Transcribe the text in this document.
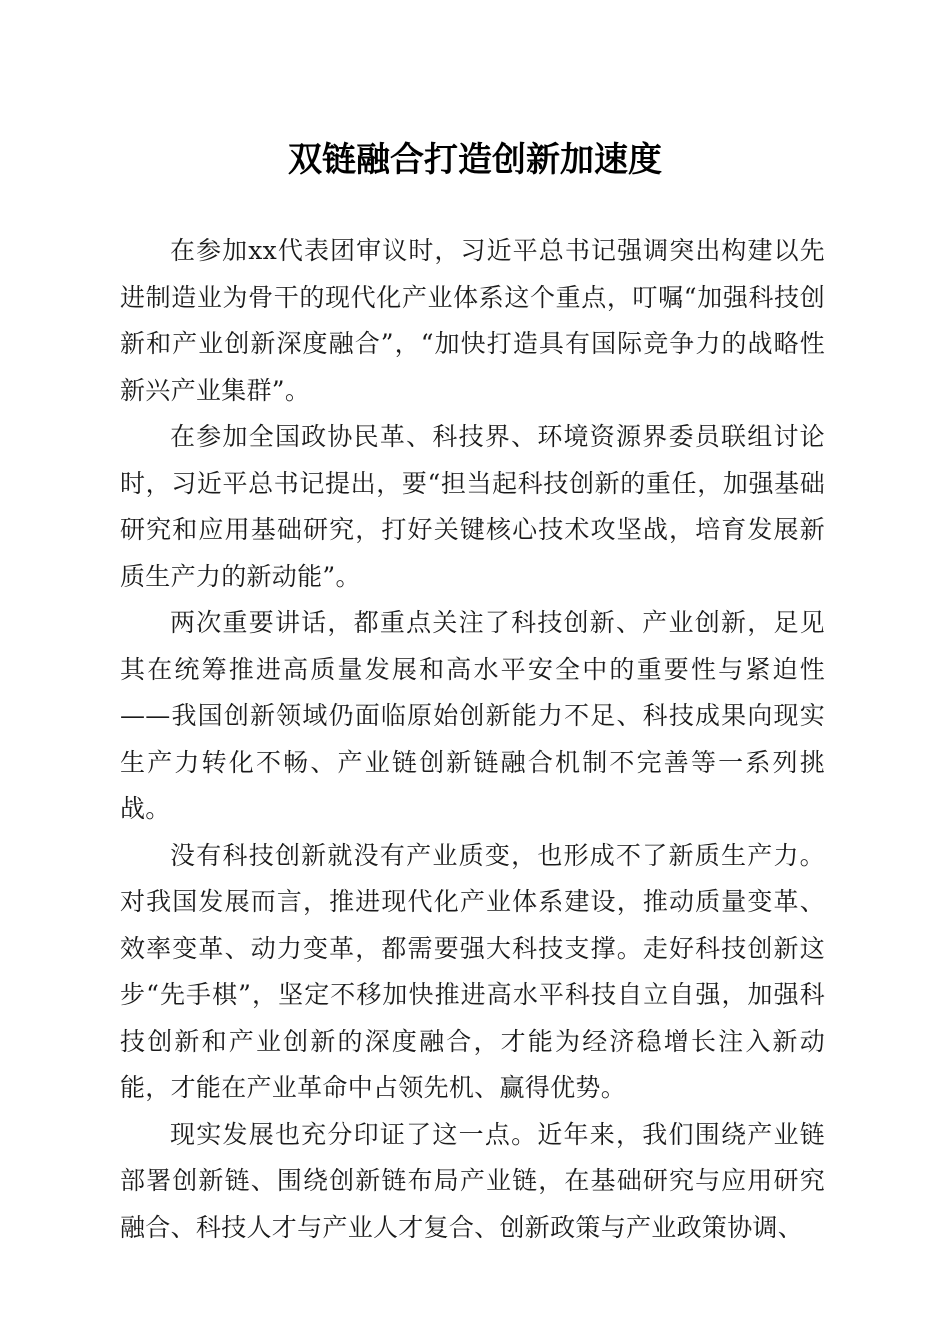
双链融合打造创新加速度

在参加xx代表团审议时，习近平总书记强调突出构建以先进制造业为骨干的现代化产业体系这个重点，叮嘱“加强科技创新和产业创新深度融合”，“加快打造具有国际竞争力的战略性新兴产业集群”。

在参加全国政协民革、科技界、环境资源界委员联组讨论时，习近平总书记提出，要“担当起科技创新的重任，加强基础研究和应用基础研究，打好关键核心技术攻坚战，培育发展新质生产力的新动能”。

两次重要讲话，都重点关注了科技创新、产业创新，足见其在统筹推进高质量发展和高水平安全中的重要性与紧迫性——我国创新领域仍面临原始创新能力不足、科技成果向现实生产力转化不畅、产业链创新链融合机制不完善等一系列挑战。

没有科技创新就没有产业质变，也形成不了新质生产力。对我国发展而言，推进现代化产业体系建设，推动质量变革、效率变革、动力变革，都需要强大科技支撑。走好科技创新这步“先手棋”，坚定不移加快推进高水平科技自立自强，加强科技创新和产业创新的深度融合，才能为经济稳增长注入新动能，才能在产业革命中占领先机、赢得优势。

现实发展也充分印证了这一点。近年来，我们围绕产业链部署创新链、围绕创新链布局产业链，在基础研究与应用研究融合、科技人才与产业人才复合、创新政策与产业政策协调、
